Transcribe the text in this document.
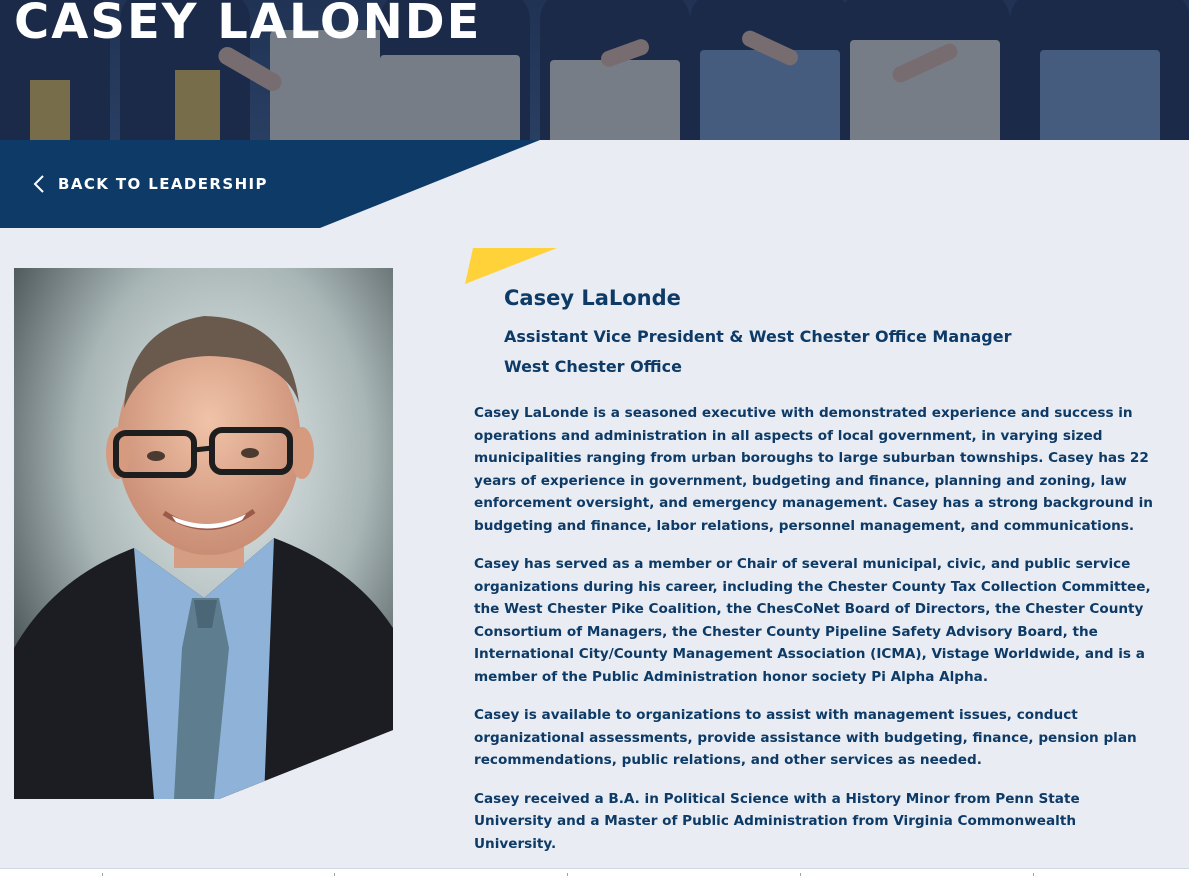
CASEY LALONDE
BACK TO LEADERSHIP
Casey LaLonde
Assistant Vice President & West Chester Office Manager
West Chester Office

Casey LaLonde is a seasoned executive with demonstrated experience and success in operations and administration in all aspects of local government, in varying sized municipalities ranging from urban boroughs to large suburban townships. Casey has 22 years of experience in government, budgeting and finance, planning and zoning, law enforcement oversight, and emergency management. Casey has a strong background in budgeting and finance, labor relations, personnel management, and communications.

Casey has served as a member or Chair of several municipal, civic, and public service organizations during his career, including the Chester County Tax Collection Committee, the West Chester Pike Coalition, the ChesCoNet Board of Directors, the Chester County Consortium of Managers, the Chester County Pipeline Safety Advisory Board, the International City/County Management Association (ICMA), Vistage Worldwide, and is a member of the Public Administration honor society Pi Alpha Alpha.

Casey is available to organizations to assist with management issues, conduct organizational assessments, provide assistance with budgeting, finance, pension plan recommendations, public relations, and other services as needed.

Casey received a B.A. in Political Science with a History Minor from Penn State University and a Master of Public Administration from Virginia Commonwealth University.
